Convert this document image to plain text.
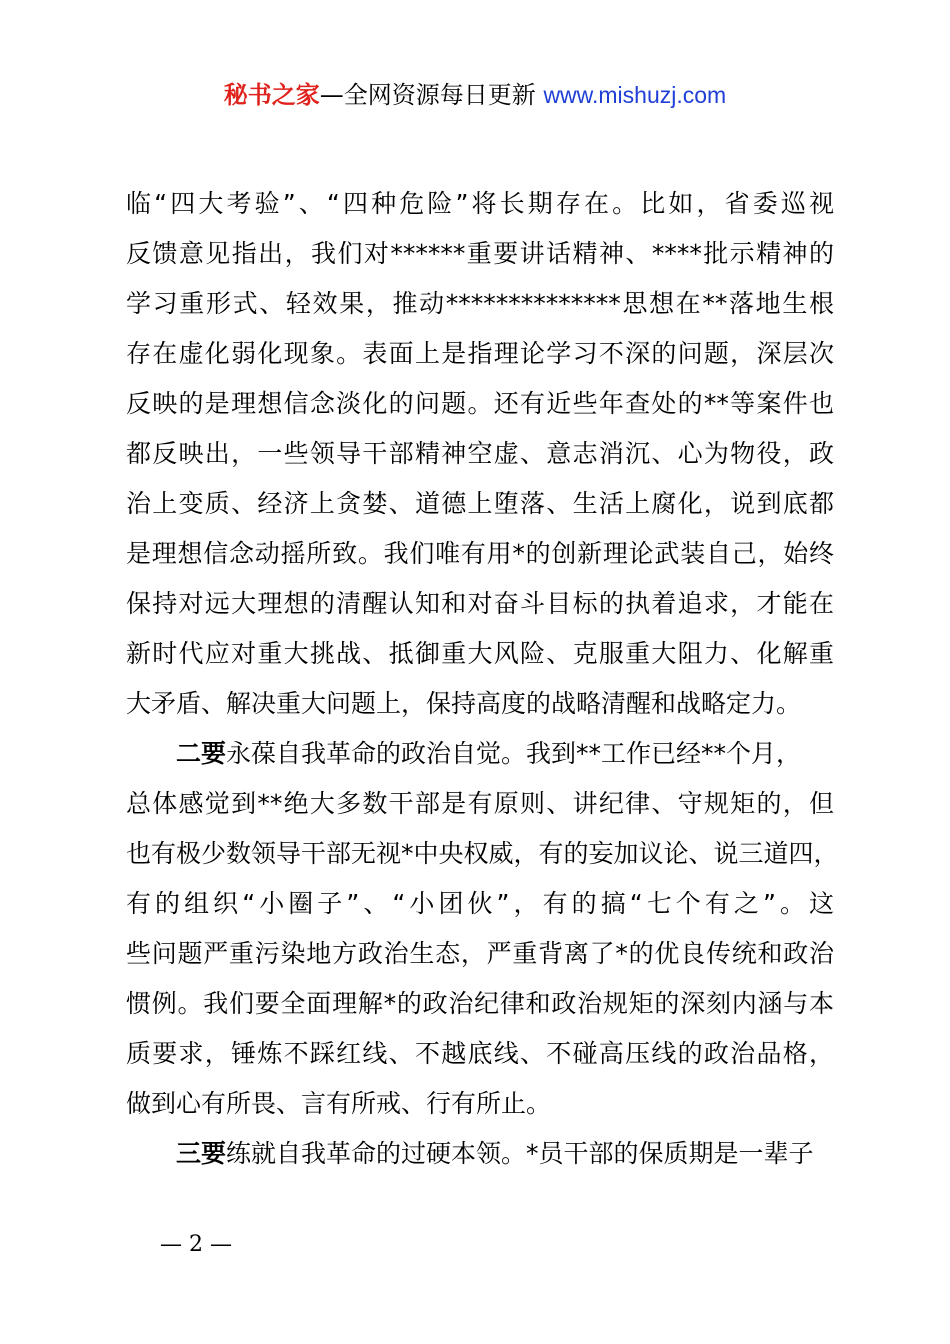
秘书之家—全网资源每日更新 www.mishuzj.com
临“四大考验”、“四种危险”将长期存在。比如，省委巡视
反馈意见指出，我们对******重要讲话精神、****批示精神的
学习重形式、轻效果，推动**************思想在**落地生根
存在虚化弱化现象。表面上是指理论学习不深的问题，深层次
反映的是理想信念淡化的问题。还有近些年查处的**等案件也
都反映出，一些领导干部精神空虚、意志消沉、心为物役，政
治上变质、经济上贪婪、道德上堕落、生活上腐化，说到底都
是理想信念动摇所致。我们唯有用*的创新理论武装自己，始终
保持对远大理想的清醒认知和对奋斗目标的执着追求，才能在
新时代应对重大挑战、抵御重大风险、克服重大阻力、化解重
大矛盾、解决重大问题上，保持高度的战略清醒和战略定力。
二要永葆自我革命的政治自觉。我到**工作已经**个月，
总体感觉到**绝大多数干部是有原则、讲纪律、守规矩的，但
也有极少数领导干部无视*中央权威，有的妄加议论、说三道四，
有的组织“小圈子”、“小团伙”，有的搞“七个有之”。这
些问题严重污染地方政治生态，严重背离了*的优良传统和政治
惯例。我们要全面理解*的政治纪律和政治规矩的深刻内涵与本
质要求，锤炼不踩红线、不越底线、不碰高压线的政治品格，
做到心有所畏、言有所戒、行有所止。
三要练就自我革命的过硬本领。*员干部的保质期是一辈子
— 2 —
